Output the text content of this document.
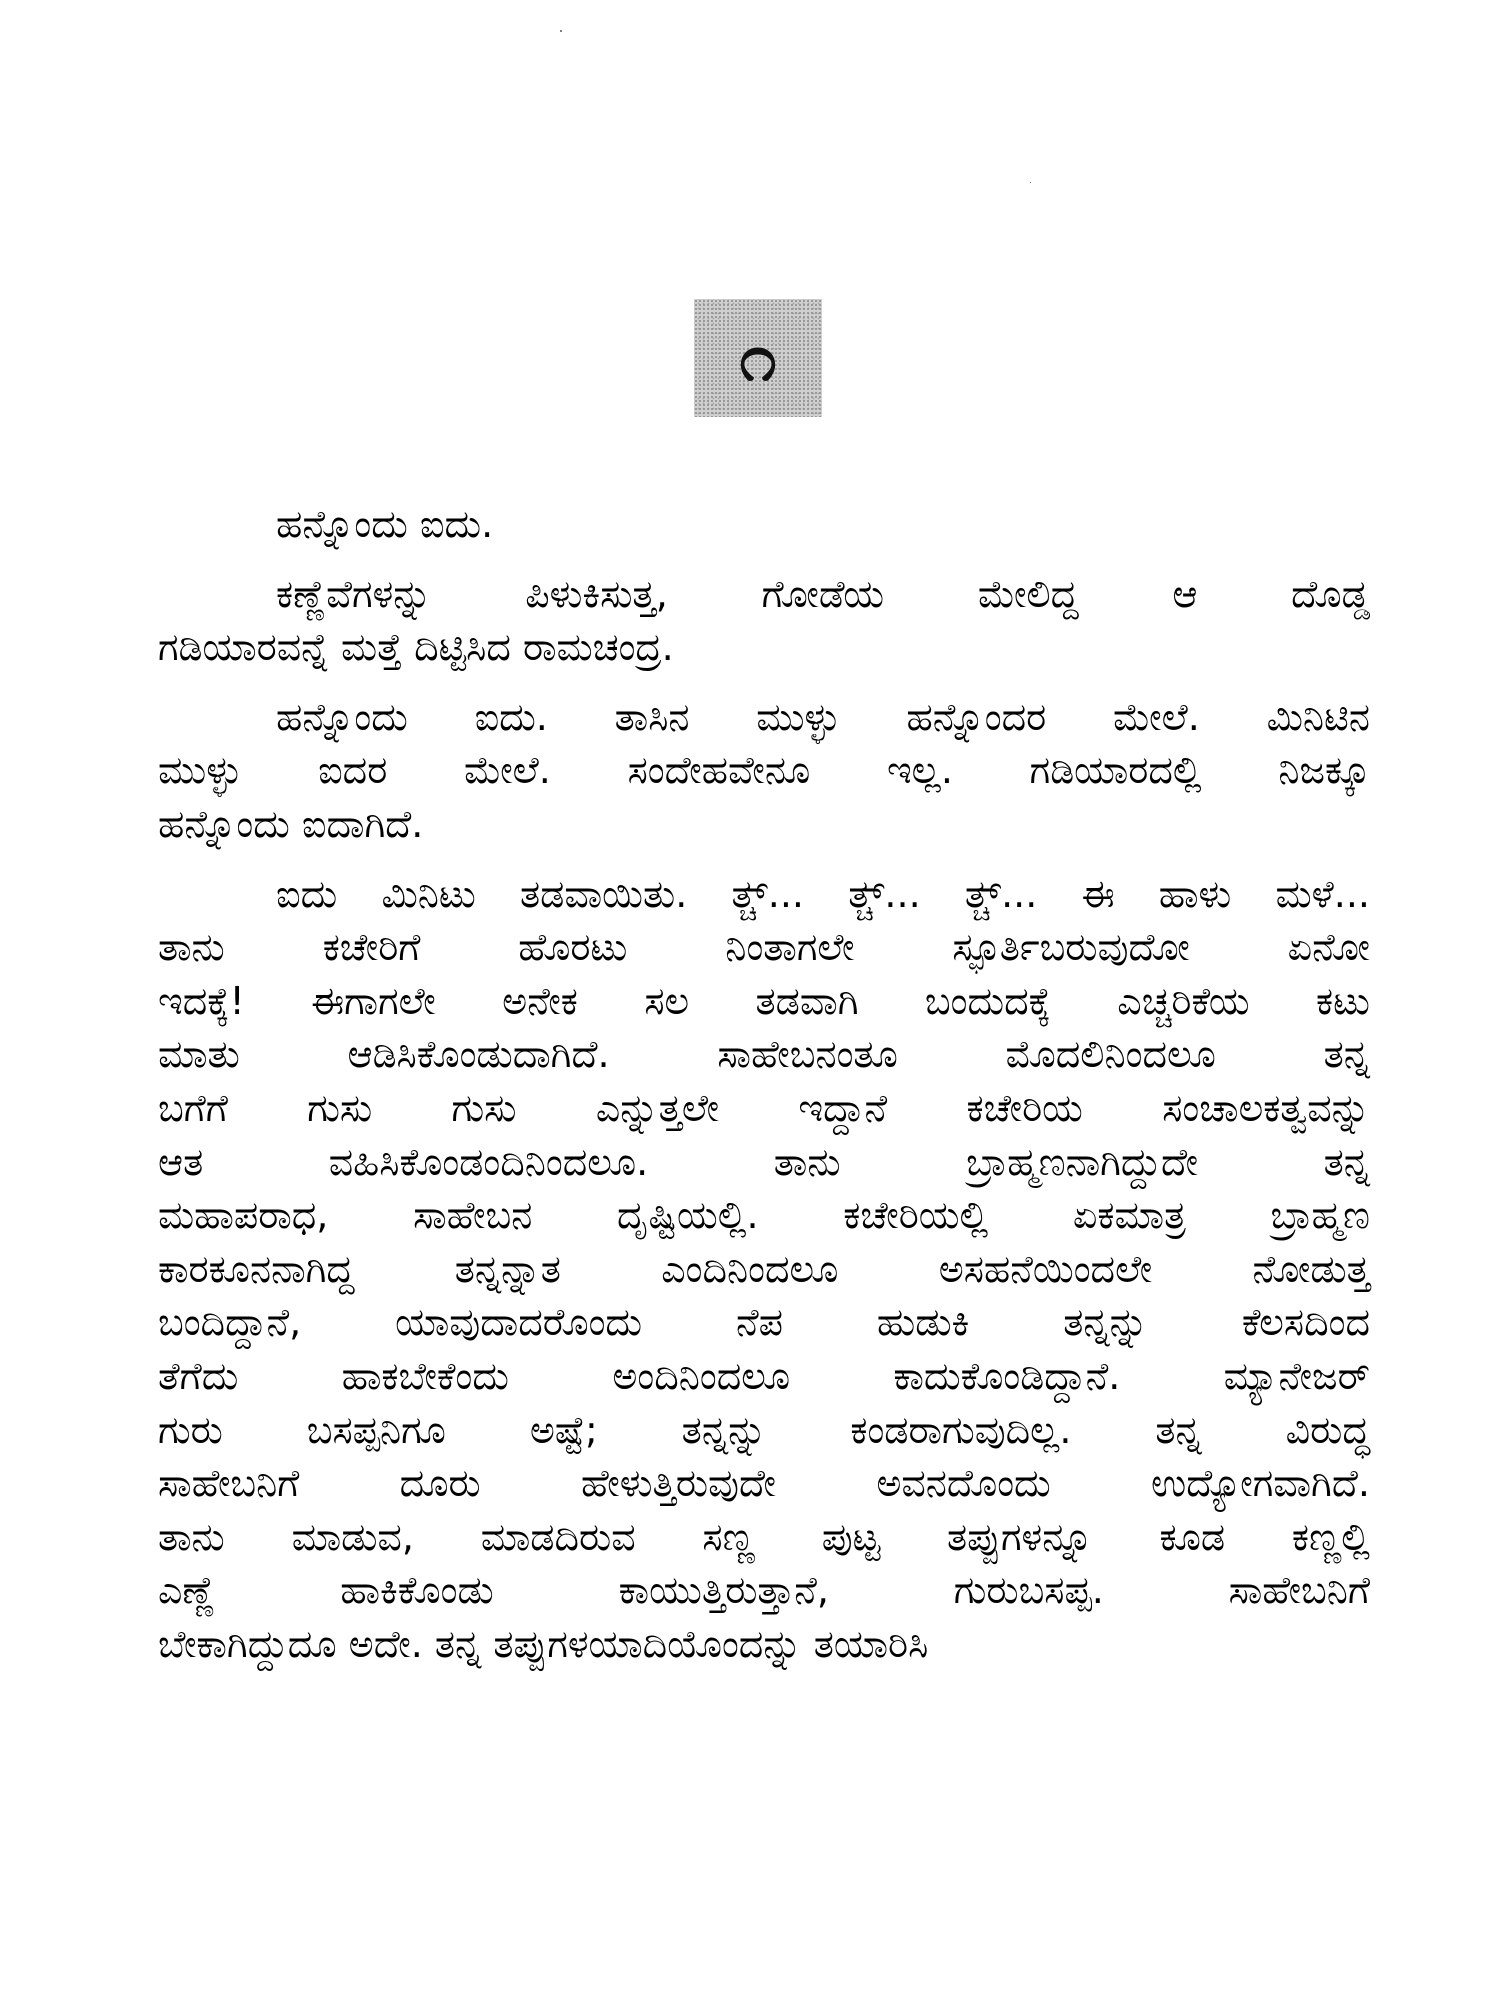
೧
ಹನ್ನೊಂದು ಐದು.
ಕಣ್ಣೆವೆಗಳನ್ನು ಪಿಳುಕಿಸುತ್ತ, ಗೋಡೆಯ ಮೇಲಿದ್ದ ಆ ದೊಡ್ಡ
ಗಡಿಯಾರವನ್ನೆ ಮತ್ತೆ ದಿಟ್ಟಿಸಿದ ರಾಮಚಂದ್ರ.
ಹನ್ನೊಂದು ಐದು. ತಾಸಿನ ಮುಳ್ಳು ಹನ್ನೊಂದರ ಮೇಲೆ. ಮಿನಿಟಿನ
ಮುಳ್ಳು ಐದರ ಮೇಲೆ. ಸಂದೇಹವೇನೂ ಇಲ್ಲ. ಗಡಿಯಾರದಲ್ಲಿ ನಿಜಕ್ಕೂ
ಹನ್ನೊಂದು ಐದಾಗಿದೆ.
ಐದು ಮಿನಿಟು ತಡವಾಯಿತು. ತ್ಚ್... ತ್ಚ್... ತ್ಚ್... ಈ ಹಾಳು ಮಳೆ...
ತಾನು ಕಚೇರಿಗೆ ಹೊರಟು ನಿಂತಾಗಲೇ ಸ್ಫೂರ್ತಿಬರುವುದೋ ಏನೋ
ಇದಕ್ಕೆ! ಈಗಾಗಲೇ ಅನೇಕ ಸಲ ತಡವಾಗಿ ಬಂದುದಕ್ಕೆ ಎಚ್ಚರಿಕೆಯ ಕಟು
ಮಾತು ಆಡಿಸಿಕೊಂಡುದಾಗಿದೆ. ಸಾಹೇಬನಂತೂ ಮೊದಲಿನಿಂದಲೂ ತನ್ನ
ಬಗೆಗೆ ಗುಸು ಗುಸು ಎನ್ನುತ್ತಲೇ ಇದ್ದಾನೆ ಕಚೇರಿಯ ಸಂಚಾಲಕತ್ವವನ್ನು
ಆತ ವಹಿಸಿಕೊಂಡಂದಿನಿಂದಲೂ. ತಾನು ಬ್ರಾಹ್ಮಣನಾಗಿದ್ದುದೇ ತನ್ನ
ಮಹಾಪರಾಧ, ಸಾಹೇಬನ ದೃಷ್ಟಿಯಲ್ಲಿ. ಕಚೇರಿಯಲ್ಲಿ ಏಕಮಾತ್ರ ಬ್ರಾಹ್ಮಣ
ಕಾರಕೂನನಾಗಿದ್ದ ತನ್ನನ್ನಾತ ಎಂದಿನಿಂದಲೂ ಅಸಹನೆಯಿಂದಲೇ ನೋಡುತ್ತ
ಬಂದಿದ್ದಾನೆ, ಯಾವುದಾದರೊಂದು ನೆಪ ಹುಡುಕಿ ತನ್ನನ್ನು ಕೆಲಸದಿಂದ
ತೆಗೆದು ಹಾಕಬೇಕೆಂದು ಅಂದಿನಿಂದಲೂ ಕಾದುಕೊಂಡಿದ್ದಾನೆ. ಮ್ಯಾನೇಜರ್
ಗುರು ಬಸಪ್ಪನಿಗೂ ಅಷ್ಟೆ; ತನ್ನನ್ನು ಕಂಡರಾಗುವುದಿಲ್ಲ. ತನ್ನ ವಿರುದ್ಧ
ಸಾಹೇಬನಿಗೆ ದೂರು ಹೇಳುತ್ತಿರುವುದೇ ಅವನದೊಂದು ಉದ್ಯೋಗವಾಗಿದೆ.
ತಾನು ಮಾಡುವ, ಮಾಡದಿರುವ ಸಣ್ಣ ಪುಟ್ಟ ತಪ್ಪುಗಳನ್ನೂ ಕೂಡ ಕಣ್ಣಲ್ಲಿ
ಎಣ್ಣೆ ಹಾಕಿಕೊಂಡು ಕಾಯುತ್ತಿರುತ್ತಾನೆ, ಗುರುಬಸಪ್ಪ. ಸಾಹೇಬನಿಗೆ
ಬೇಕಾಗಿದ್ದುದೂ ಅದೇ. ತನ್ನ ತಪ್ಪುಗಳಯಾದಿಯೊಂದನ್ನು ತಯಾರಿಸಿ
